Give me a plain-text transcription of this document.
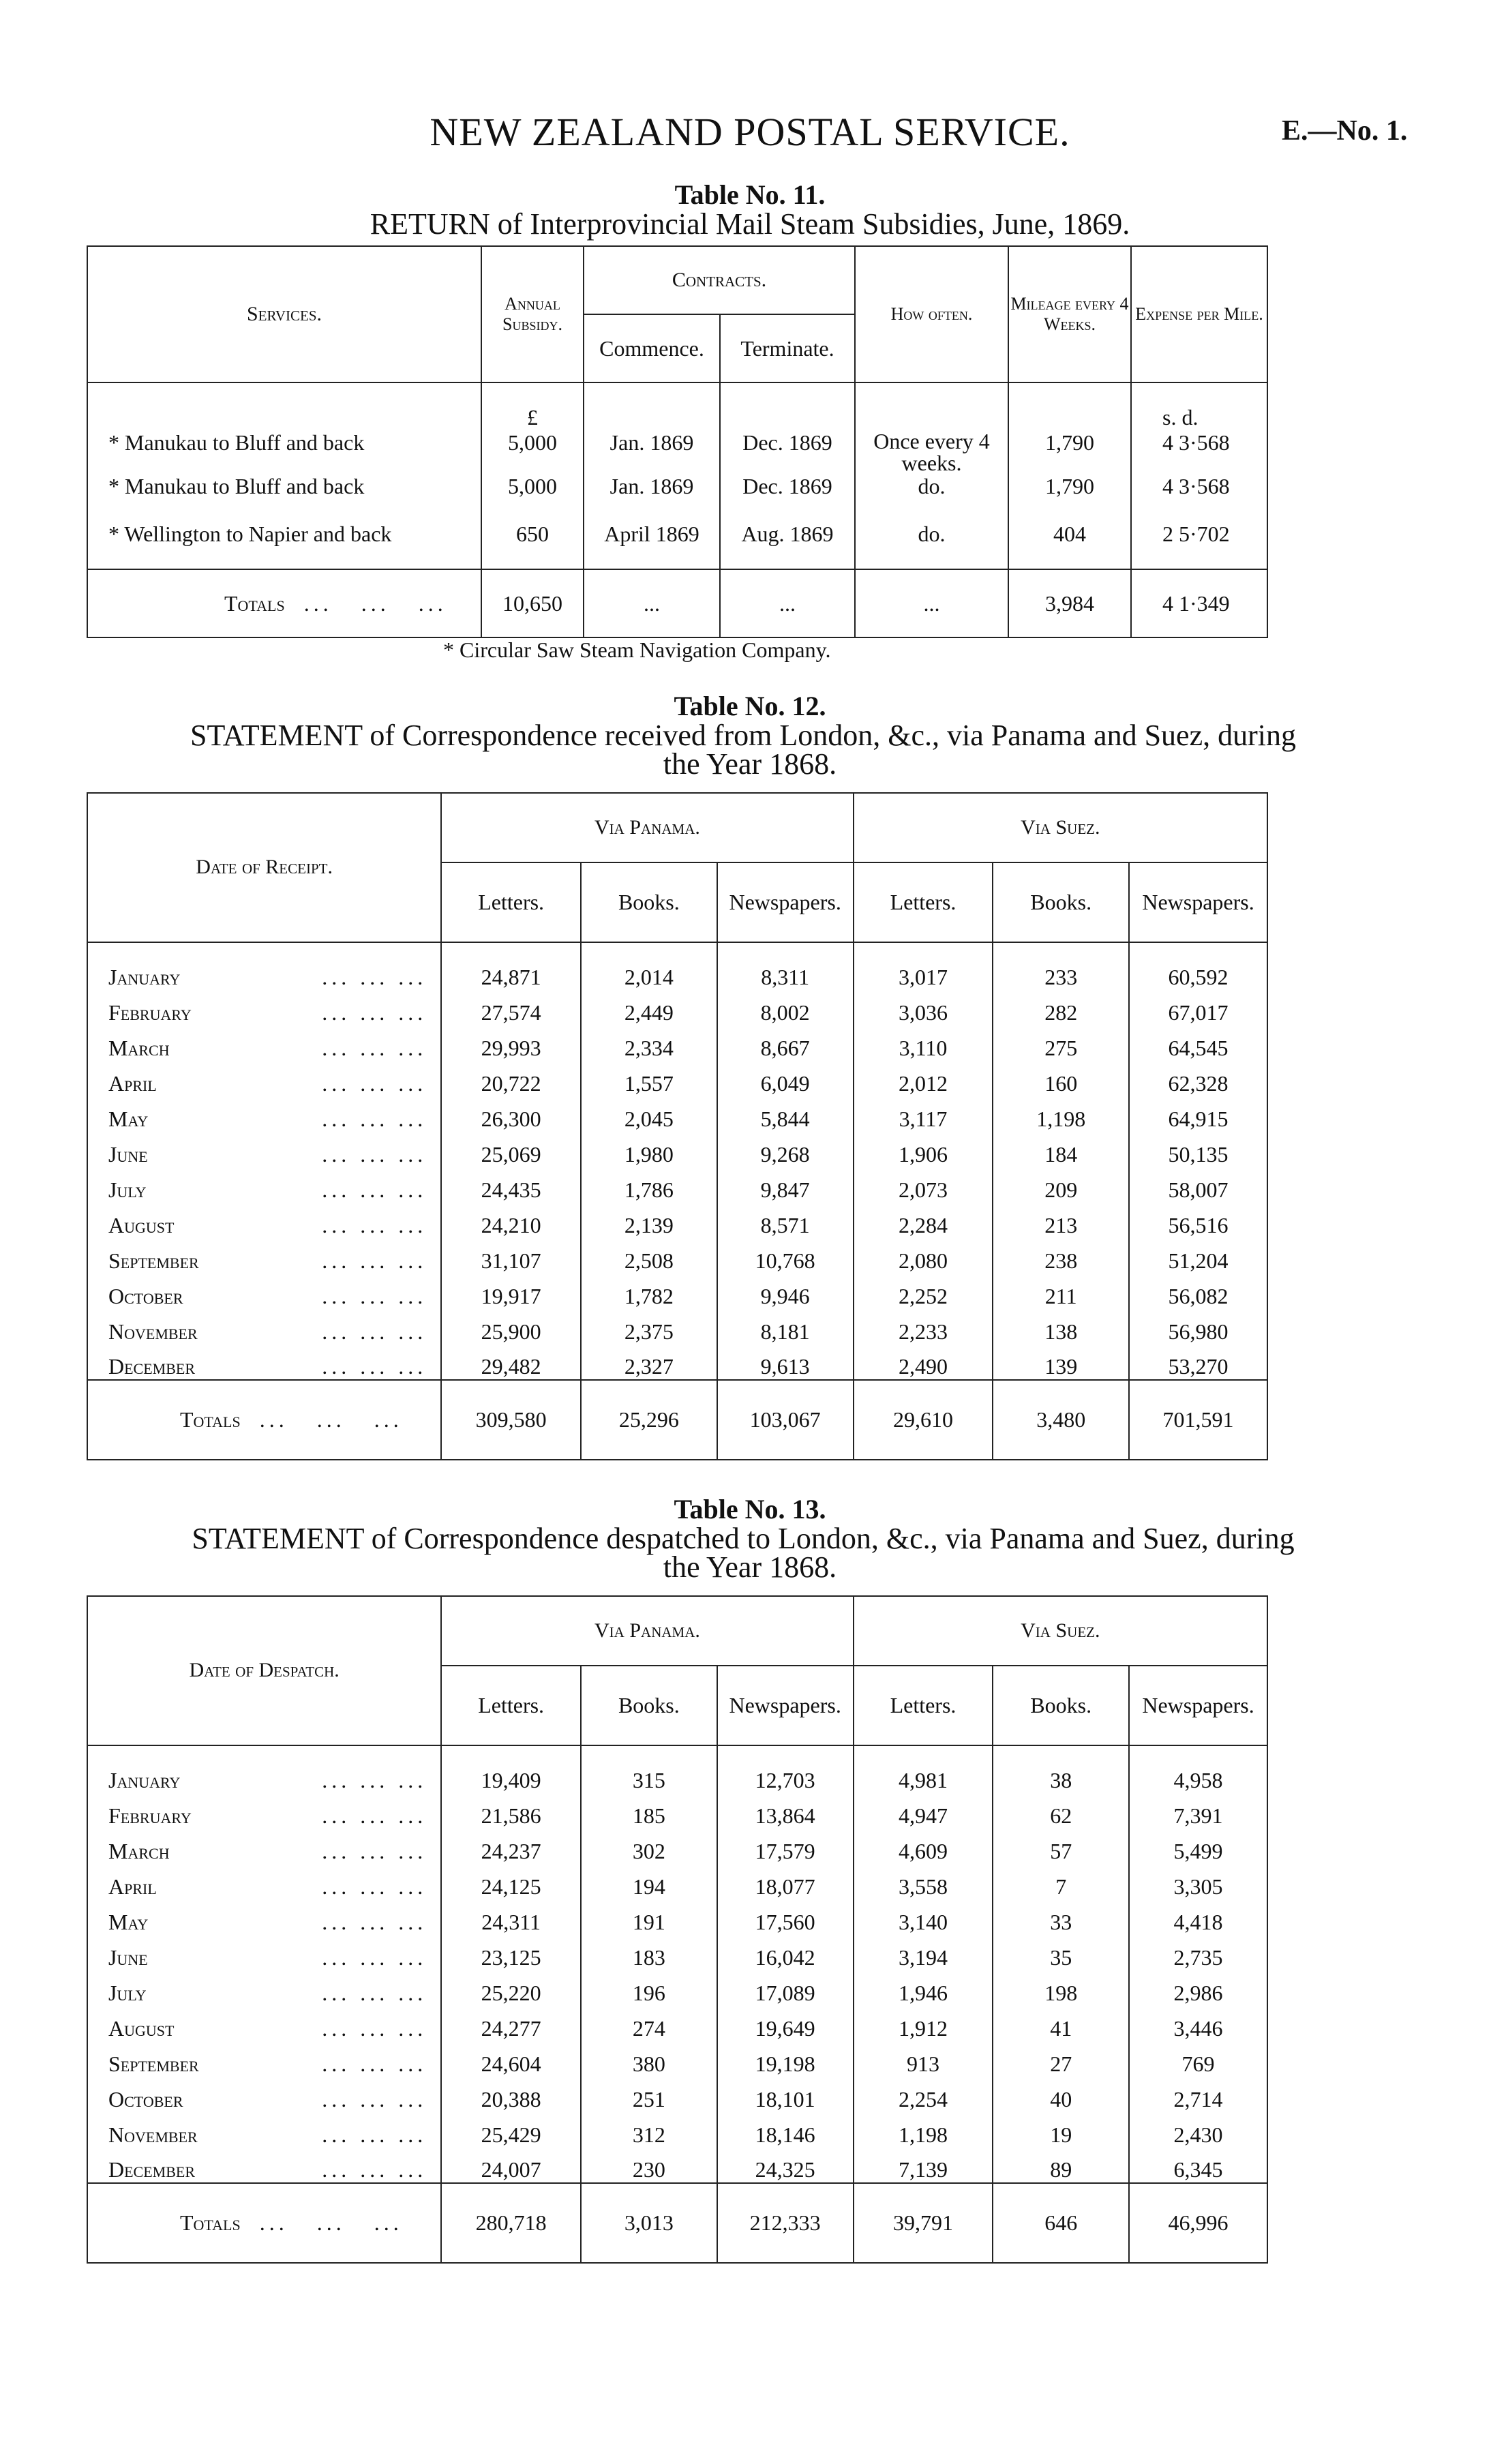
NEW ZEALAND POSTAL SERVICE.	E.—No. 1.
Table No. 11.
RETURN of Interprovincial Mail Steam Subsidies, June, 1869.
Services.	Annual Subsidy.	Contracts.		How often.	Mileage every 4 Weeks.	Expense per Mile.
		Commence.	Terminate.			
	£					s. d.
* Manukau to Bluff and back	5,000	Jan. 1869	Dec. 1869	Once every 4 weeks.	1,790	4 3·568
* Manukau to Bluff and back	5,000	Jan. 1869	Dec. 1869	do.	1,790	4 3·568
* Wellington to Napier and back	650	April 1869	Aug. 1869	do.	404	2 5·702
Totals  ...   ...   ...	10,650	...	...	...	3,984	4 1·349
* Circular Saw Steam Navigation Company.
Table No. 12.
STATEMENT of Correspondence received from London, &c., via Panama and Suez, during
the Year 1868.
Date of Receipt.	Via Panama.			Via Suez.		
	Letters.	Books.	Newspapers.	Letters.	Books.	Newspapers.
January ... ... ...	24,871	2,014	8,311	3,017	233	60,592
February ... ... ...	27,574	2,449	8,002	3,036	282	67,017
March ... ... ...	29,993	2,334	8,667	3,110	275	64,545
April ... ... ...	20,722	1,557	6,049	2,012	160	62,328
May ... ... ...	26,300	2,045	5,844	3,117	1,198	64,915
June ... ... ...	25,069	1,980	9,268	1,906	184	50,135
July ... ... ...	24,435	1,786	9,847	2,073	209	58,007
August ... ... ...	24,210	2,139	8,571	2,284	213	56,516
September ... ... ...	31,107	2,508	10,768	2,080	238	51,204
October ... ... ...	19,917	1,782	9,946	2,252	211	56,082
November ... ... ...	25,900	2,375	8,181	2,233	138	56,980
December ... ... ...	29,482	2,327	9,613	2,490	139	53,270
Totals  ...   ...   ...	309,580	25,296	103,067	29,610	3,480	701,591
Table No. 13.
STATEMENT of Correspondence despatched to London, &c., via Panama and Suez, during
the Year 1868.
Date of Despatch.	Via Panama.			Via Suez.		
	Letters.	Books.	Newspapers.	Letters.	Books.	Newspapers.
January ... ... ...	19,409	315	12,703	4,981	38	4,958
February ... ... ...	21,586	185	13,864	4,947	62	7,391
March ... ... ...	24,237	302	17,579	4,609	57	5,499
April ... ... ...	24,125	194	18,077	3,558	7	3,305
May ... ... ...	24,311	191	17,560	3,140	33	4,418
June ... ... ...	23,125	183	16,042	3,194	35	2,735
July ... ... ...	25,220	196	17,089	1,946	198	2,986
August ... ... ...	24,277	274	19,649	1,912	41	3,446
September ... ... ...	24,604	380	19,198	913	27	769
October ... ... ...	20,388	251	18,101	2,254	40	2,714
November ... ... ...	25,429	312	18,146	1,198	19	2,430
December ... ... ...	24,007	230	24,325	7,139	89	6,345
Totals  ...   ...   ...	280,718	3,013	212,333	39,791	646	46,996
